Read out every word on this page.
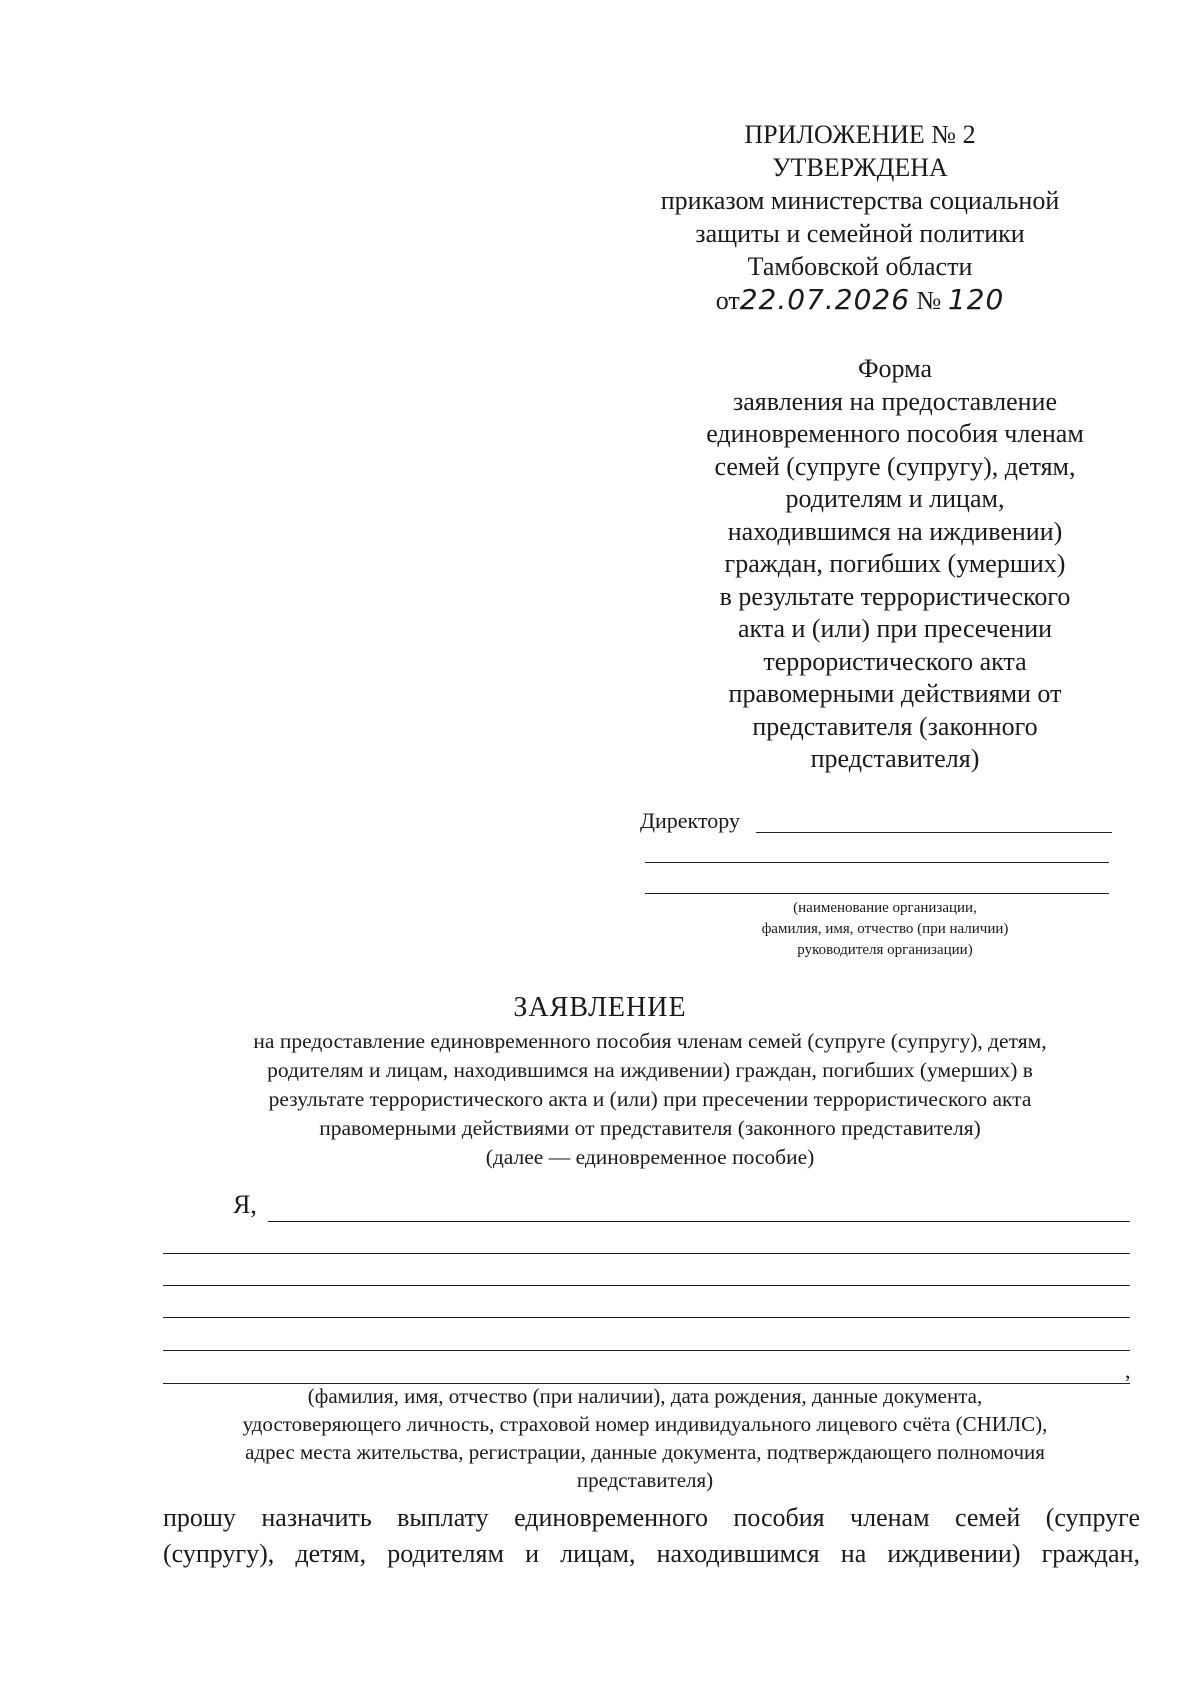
ПРИЛОЖЕНИЕ № 2
УТВЕРЖДЕНА
приказом министерства социальной
защиты и семейной политики
Тамбовской области
от22.07.2026 № 120
Форма
заявления на предоставление
единовременного пособия членам
семей (супруге (супругу), детям,
родителям и лицам,
находившимся на иждивении)
граждан, погибших (умерших)
в результате террористического
акта и (или) при пресечении
террористического акта
правомерными действиями от
представителя (законного
представителя)
Директору
(наименование организации,
фамилия, имя, отчество (при наличии)
руководителя организации)
ЗАЯВЛЕНИЕ
на предоставление единовременного пособия членам семей (супруге (супругу), детям,
родителям и лицам, находившимся на иждивении) граждан, погибших (умерших) в
результате террористического акта и (или) при пресечении террористического акта
правомерными действиями от представителя (законного представителя)
(далее — единовременное пособие)
Я,
,
(фамилия, имя, отчество (при наличии), дата рождения, данные документа,
удостоверяющего личность, страховой номер индивидуального лицевого счёта (СНИЛС),
адрес места жительства, регистрации, данные документа, подтверждающего полномочия
представителя)
прошу назначить выплату единовременного пособия членам семей (супруге
(супругу), детям, родителям и лицам, находившимся на иждивении) граждан,
